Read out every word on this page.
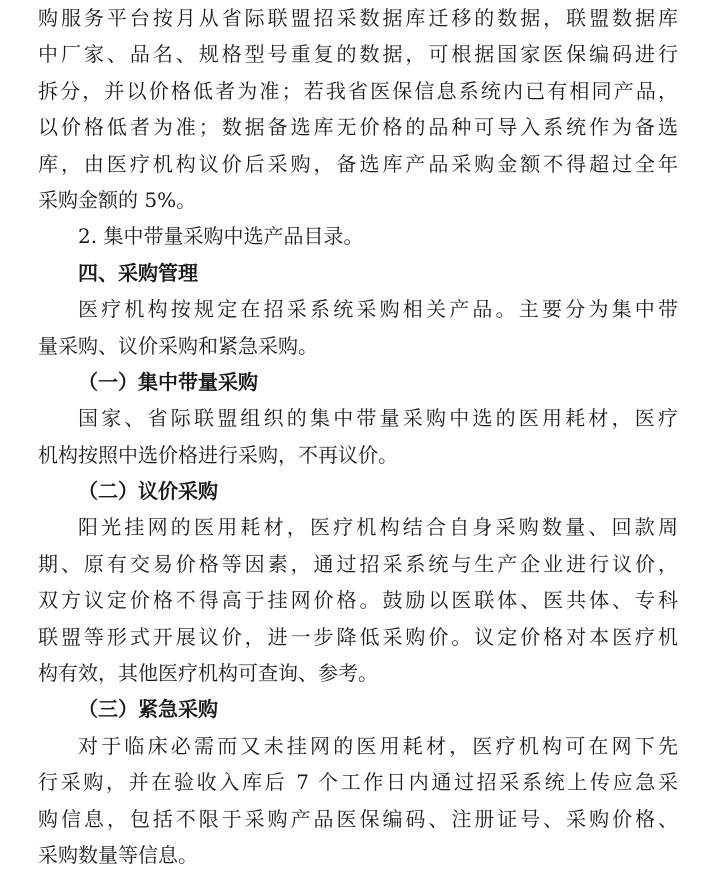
购服务平台按月从省际联盟招采数据库迁移的数据，联盟数据库
中厂家、品名、规格型号重复的数据，可根据国家医保编码进行
拆分，并以价格低者为准；若我省医保信息系统内已有相同产品，
以价格低者为准；数据备选库无价格的品种可导入系统作为备选
库，由医疗机构议价后采购，备选库产品采购金额不得超过全年
采购金额的 5%。
2. 集中带量采购中选产品目录。
四、采购管理
医疗机构按规定在招采系统采购相关产品。主要分为集中带
量采购、议价采购和紧急采购。
（一）集中带量采购
国家、省际联盟组织的集中带量采购中选的医用耗材，医疗
机构按照中选价格进行采购，不再议价。
（二）议价采购
阳光挂网的医用耗材，医疗机构结合自身采购数量、回款周
期、原有交易价格等因素，通过招采系统与生产企业进行议价，
双方议定价格不得高于挂网价格。鼓励以医联体、医共体、专科
联盟等形式开展议价，进一步降低采购价。议定价格对本医疗机
构有效，其他医疗机构可查询、参考。
（三）紧急采购
对于临床必需而又未挂网的医用耗材，医疗机构可在网下先
行采购，并在验收入库后 7 个工作日内通过招采系统上传应急采
购信息，包括不限于采购产品医保编码、注册证号、采购价格、
采购数量等信息。
